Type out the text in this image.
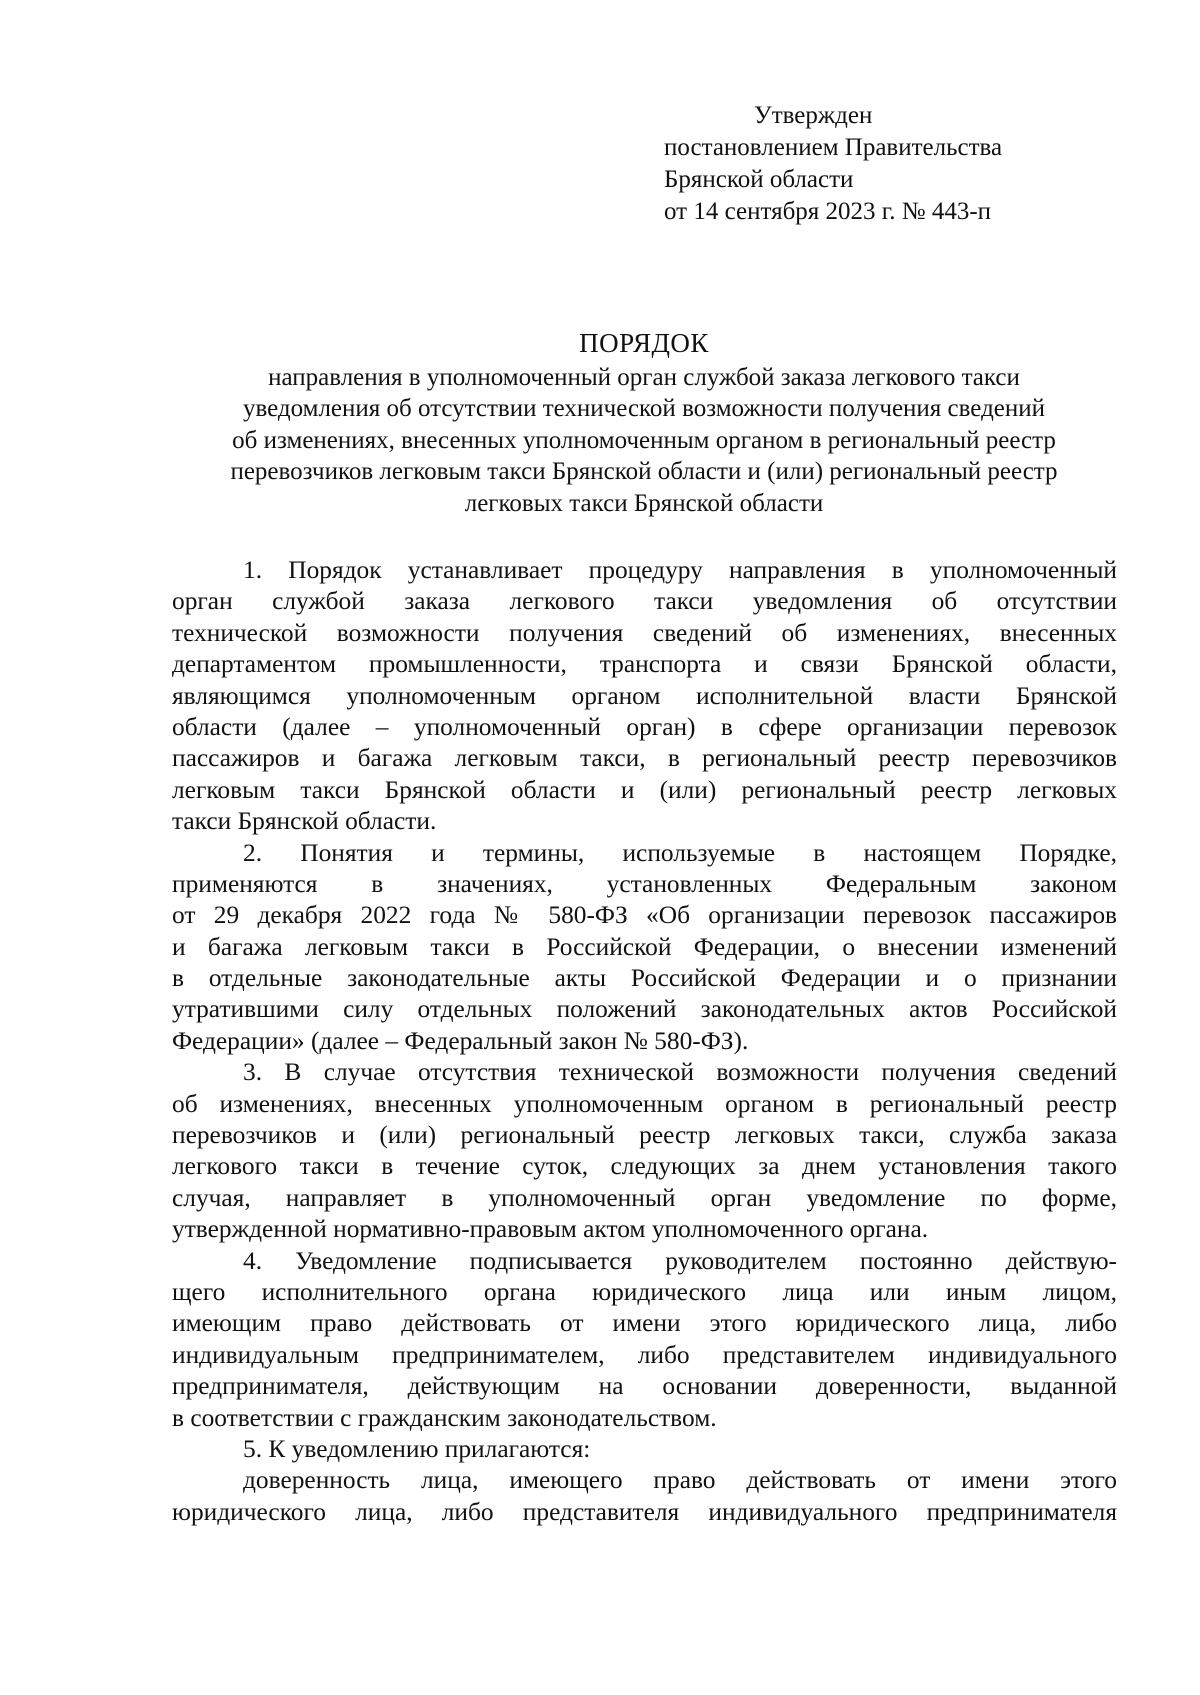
Утвержден
постановлением Правительства
Брянской области
от 14 сентября 2023 г. № 443-п
ПОРЯДОК
направления в уполномоченный орган службой заказа легкового такси
уведомления об отсутствии технической возможности получения сведений
об изменениях, внесенных уполномоченным органом в региональный реестр
перевозчиков легковым такси Брянской области и (или) региональный реестр
легковых такси Брянской области
1. Порядок устанавливает процедуру направления в уполномоченный
орган службой заказа легкового такси уведомления об отсутствии
технической возможности получения сведений об изменениях, внесенных
департаментом промышленности, транспорта и связи Брянской области,
являющимся уполномоченным органом исполнительной власти Брянской
области (далее – уполномоченный орган) в сфере организации перевозок
пассажиров и багажа легковым такси, в региональный реестр перевозчиков
легковым такси Брянской области и (или) региональный реестр легковых
такси Брянской области.
2. Понятия и термины, используемые в настоящем Порядке,
применяются в значениях, установленных Федеральным законом
от 29 декабря 2022 года № 580-ФЗ «Об организации перевозок пассажиров
и багажа легковым такси в Российской Федерации, о внесении изменений
в отдельные законодательные акты Российской Федерации и о признании
утратившими силу отдельных положений законодательных актов Российской
Федерации» (далее – Федеральный закон № 580-ФЗ).
3. В случае отсутствия технической возможности получения сведений
об изменениях, внесенных уполномоченным органом в региональный реестр
перевозчиков и (или) региональный реестр легковых такси, служба заказа
легкового такси в течение суток, следующих за днем установления такого
случая, направляет в уполномоченный орган уведомление по форме,
утвержденной нормативно-правовым актом уполномоченного органа.
4. Уведомление подписывается руководителем постоянно действую-
щего исполнительного органа юридического лица или иным лицом,
имеющим право действовать от имени этого юридического лица, либо
индивидуальным предпринимателем, либо представителем индивидуального
предпринимателя, действующим на основании доверенности, выданной
в соответствии с гражданским законодательством.
5. К уведомлению прилагаются:
доверенность лица, имеющего право действовать от имени этого
юридического лица, либо представителя индивидуального предпринимателя
